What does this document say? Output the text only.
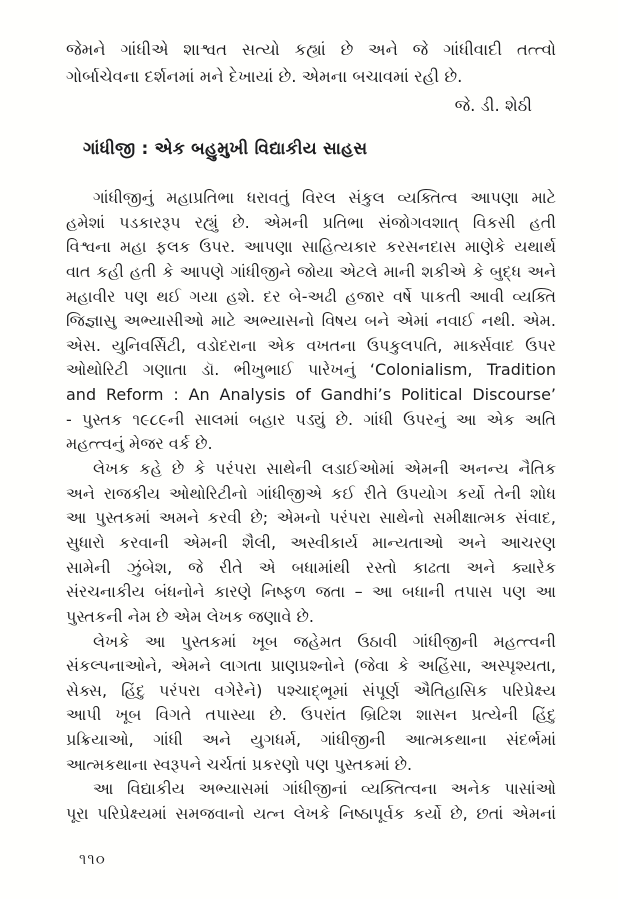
જેમને ગાંધીએ શાશ્વત સત્યો કહ્યાં છે અને જે ગાંધીવાદી તત્ત્વો
ગોર્બાચેવના દર્શનમાં મને દેખાયાં છે. એમના બચાવમાં રહી છે.
જે. ડી. શેઠી
ગાંધીજી : એક બહુમુખી વિદ્યાકીય સાહસ
ગાંધીજીનું મહાપ્રતિભા ધરાવતું વિરલ સંકુલ વ્યક્તિત્વ આપણા માટે
હમેશાં પડકારરૂપ રહ્યું છે. એમની પ્રતિભા સંજોગવશાત્ વિકસી હતી
વિશ્વના મહા ફલક ઉપર. આપણા સાહિત્યકાર કરસનદાસ માણેકે યથાર્થ
વાત કહી હતી કે આપણે ગાંધીજીને જોયા એટલે માની શકીએ કે બુદ્ધ અને
મહાવીર પણ થઈ ગયા હશે. દર બે-અઢી હજાર વર્ષે પાકતી આવી વ્યક્તિ
જિજ્ઞાસુ અભ્યાસીઓ માટે અભ્યાસનો વિષય બને એમાં નવાઈ નથી. એમ.
એસ. યુનિવર્સિટી, વડોદરાના એક વખતના ઉપકુલપતિ, માર્ક્સવાદ ઉપર
ઓથોરિટી ગણાતા ડૉ. ભીખુભાઈ પારેખનું ‘Colonialism, Tradition
and Reform : An Analysis of Gandhi’s Political Discourse’
- પુસ્તક ૧૯૮૯ની સાલમાં બહાર પડ્યું છે. ગાંધી ઉપરનું આ એક અતિ
મહત્ત્વનું મેજર વર્ક છે.
લેખક કહે છે કે પરંપરા સાથેની લડાઈઓમાં એમની અનન્ય નૈતિક
અને રાજકીય ઓથોરિટીનો ગાંધીજીએ કઈ રીતે ઉપયોગ કર્યો તેની શોધ
આ પુસ્તકમાં અમને કરવી છે; એમનો પરંપરા સાથેનો સમીક્ષાત્મક સંવાદ,
સુધારો કરવાની એમની શૈલી, અસ્વીકાર્ય માન્યતાઓ અને આચરણ
સામેની ઝુંબેશ, જે રીતે એ બધામાંથી રસ્તો કાઢતા અને ક્યારેક
સંરચનાકીય બંધનોને કારણે નિષ્ફળ જતા – આ બધાની તપાસ પણ આ
પુસ્તકની નેમ છે એમ લેખક જણાવે છે.
લેખકે આ પુસ્તકમાં ખૂબ જહેમત ઉઠાવી ગાંધીજીની મહત્ત્વની
સંકલ્પનાઓને, એમને લાગતા પ્રાણપ્રશ્નોને (જેવા કે અહિંસા, અસ્પૃશ્યતા,
સેક્સ, હિંદુ પરંપરા વગેરેને) પશ્ચાદ્‌ભૂમાં સંપૂર્ણ ઐતિહાસિક પરિપ્રેક્ષ્ય
આપી ખૂબ વિગતે તપાસ્યા છે. ઉપરાંત બ્રિટિશ શાસન પ્રત્યેની હિંદુ
પ્રક્રિયાઓ, ગાંધી અને યુગધર્મ, ગાંધીજીની આત્મકથાના સંદર્ભમાં
આત્મકથાના સ્વરૂપને ચર્ચતાં પ્રકરણો પણ પુસ્તકમાં છે.
આ વિદ્યાકીય અભ્યાસમાં ગાંધીજીનાં વ્યક્તિત્વના અનેક પાસાંઓ
પૂરા પરિપ્રેક્ષ્યમાં સમજવાનો યત્ન લેખકે નિષ્ઠાપૂર્વક કર્યો છે, છતાં એમનાં
૧૧૦
